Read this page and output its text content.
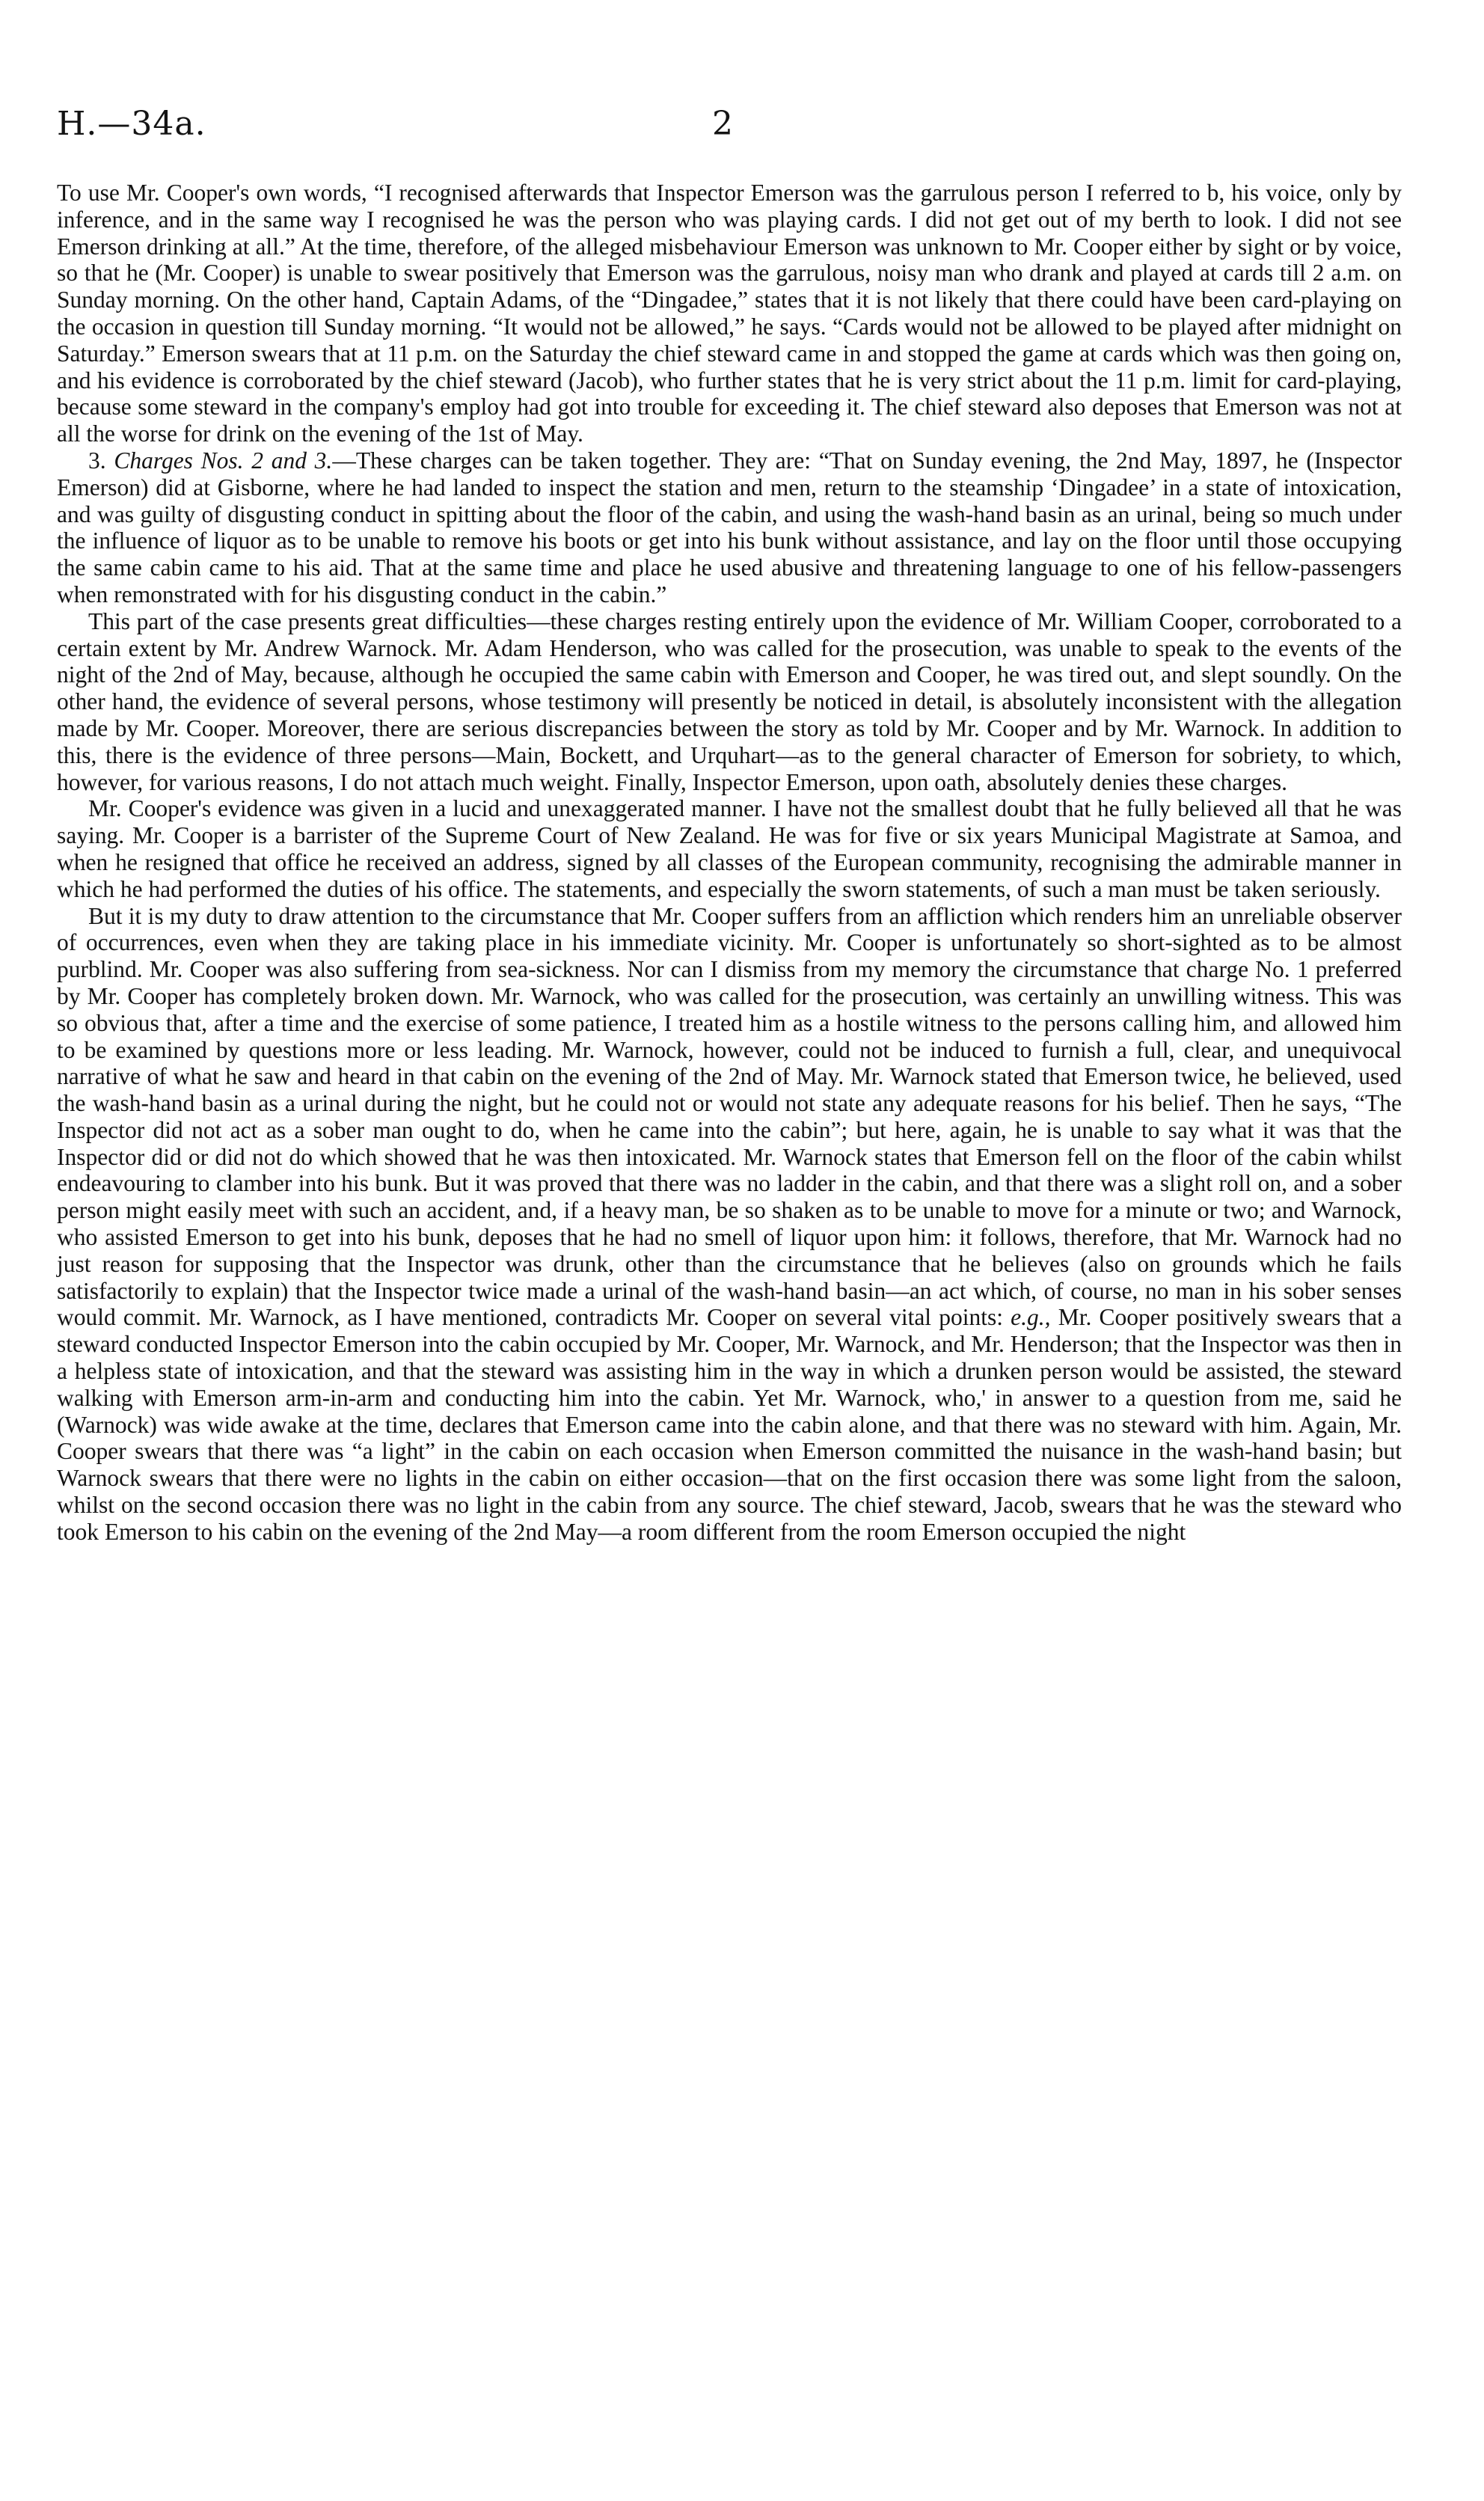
H.—34a.	2

To use Mr. Cooper's own words, “I recognised afterwards that Inspector Emerson was the garrulous person I referred to b, his voice, only by inference, and in the same way I recognised he was the person who was playing cards. I did not get out of my berth to look. I did not see Emerson drinking at all.” At the time, therefore, of the alleged misbehaviour Emerson was unknown to Mr. Cooper either by sight or by voice, so that he (Mr. Cooper) is unable to swear positively that Emerson was the garrulous, noisy man who drank and played at cards till 2 a.m. on Sunday morning. On the other hand, Captain Adams, of the “Dingadee,” states that it is not likely that there could have been card-playing on the occasion in question till Sunday morning. “It would not be allowed,” he says. “Cards would not be allowed to be played after midnight on Saturday.” Emerson swears that at 11 p.m. on the Saturday the chief steward came in and stopped the game at cards which was then going on, and his evidence is corroborated by the chief steward (Jacob), who further states that he is very strict about the 11 p.m. limit for card-playing, because some steward in the company's employ had got into trouble for exceeding it. The chief steward also deposes that Emerson was not at all the worse for drink on the evening of the 1st of May.

3. Charges Nos. 2 and 3.—These charges can be taken together. They are: “That on Sunday evening, the 2nd May, 1897, he (Inspector Emerson) did at Gisborne, where he had landed to inspect the station and men, return to the steamship ‘Dingadee’ in a state of intoxication, and was guilty of disgusting conduct in spitting about the floor of the cabin, and using the wash-hand basin as an urinal, being so much under the influence of liquor as to be unable to remove his boots or get into his bunk without assistance, and lay on the floor until those occupying the same cabin came to his aid. That at the same time and place he used abusive and threatening language to one of his fellow-passengers when remonstrated with for his disgusting conduct in the cabin.”

This part of the case presents great difficulties—these charges resting entirely upon the evidence of Mr. William Cooper, corroborated to a certain extent by Mr. Andrew Warnock. Mr. Adam Henderson, who was called for the prosecution, was unable to speak to the events of the night of the 2nd of May, because, although he occupied the same cabin with Emerson and Cooper, he was tired out, and slept soundly. On the other hand, the evidence of several persons, whose testimony will presently be noticed in detail, is absolutely inconsistent with the allegation made by Mr. Cooper. Moreover, there are serious discrepancies between the story as told by Mr. Cooper and by Mr. Warnock. In addition to this, there is the evidence of three persons—Main, Bockett, and Urquhart—as to the general character of Emerson for sobriety, to which, however, for various reasons, I do not attach much weight. Finally, Inspector Emerson, upon oath, absolutely denies these charges.

Mr. Cooper's evidence was given in a lucid and unexaggerated manner. I have not the smallest doubt that he fully believed all that he was saying. Mr. Cooper is a barrister of the Supreme Court of New Zealand. He was for five or six years Municipal Magistrate at Samoa, and when he resigned that office he received an address, signed by all classes of the European community, recognising the admirable manner in which he had performed the duties of his office. The statements, and especially the sworn statements, of such a man must be taken seriously.

But it is my duty to draw attention to the circumstance that Mr. Cooper suffers from an affliction which renders him an unreliable observer of occurrences, even when they are taking place in his immediate vicinity. Mr. Cooper is unfortunately so short-sighted as to be almost purblind. Mr. Cooper was also suffering from sea-sickness. Nor can I dismiss from my memory the circumstance that charge No. 1 preferred by Mr. Cooper has completely broken down. Mr. Warnock, who was called for the prosecution, was certainly an unwilling witness. This was so obvious that, after a time and the exercise of some patience, I treated him as a hostile witness to the persons calling him, and allowed him to be examined by questions more or less leading. Mr. Warnock, however, could not be induced to furnish a full, clear, and unequivocal narrative of what he saw and heard in that cabin on the evening of the 2nd of May. Mr. Warnock stated that Emerson twice, he believed, used the wash-hand basin as a urinal during the night, but he could not or would not state any adequate reasons for his belief. Then he says, “The Inspector did not act as a sober man ought to do, when he came into the cabin”; but here, again, he is unable to say what it was that the Inspector did or did not do which showed that he was then intoxicated. Mr. Warnock states that Emerson fell on the floor of the cabin whilst endeavouring to clamber into his bunk. But it was proved that there was no ladder in the cabin, and that there was a slight roll on, and a sober person might easily meet with such an accident, and, if a heavy man, be so shaken as to be unable to move for a minute or two; and Warnock, who assisted Emerson to get into his bunk, deposes that he had no smell of liquor upon him: it follows, therefore, that Mr. Warnock had no just reason for supposing that the Inspector was drunk, other than the circumstance that he believes (also on grounds which he fails satisfactorily to explain) that the Inspector twice made a urinal of the wash-hand basin—an act which, of course, no man in his sober senses would commit. Mr. Warnock, as I have mentioned, contradicts Mr. Cooper on several vital points: e.g., Mr. Cooper positively swears that a steward conducted Inspector Emerson into the cabin occupied by Mr. Cooper, Mr. Warnock, and Mr. Henderson; that the Inspector was then in a helpless state of intoxication, and that the steward was assisting him in the way in which a drunken person would be assisted, the steward walking with Emerson arm-in-arm and conducting him into the cabin. Yet Mr. Warnock, who,' in answer to a question from me, said he (Warnock) was wide awake at the time, declares that Emerson came into the cabin alone, and that there was no steward with him. Again, Mr. Cooper swears that there was “a light” in the cabin on each occasion when Emerson committed the nuisance in the wash-hand basin; but Warnock swears that there were no lights in the cabin on either occasion—that on the first occasion there was some light from the saloon, whilst on the second occasion there was no light in the cabin from any source. The chief steward, Jacob, swears that he was the steward who took Emerson to his cabin on the evening of the 2nd May—a room different from the room Emerson occupied the night
